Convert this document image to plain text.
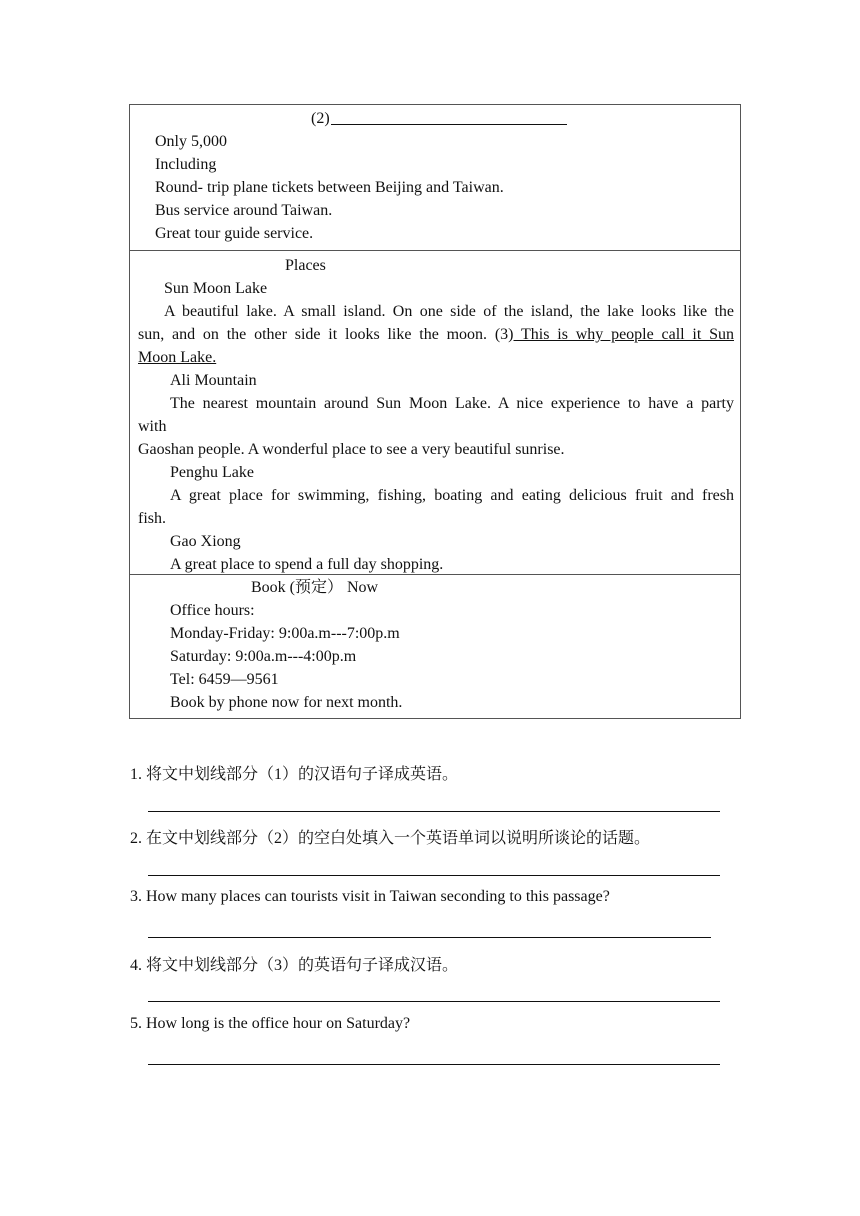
(2)
Only 5,000
Including
Round- trip plane tickets between Beijing and Taiwan.
Bus service around Taiwan.
Great tour guide service.
Places
Sun Moon Lake
A beautiful lake. A small island. On one side of the island, the lake looks like the
sun, and on the other side it looks like the moon. (3) This is why people call it Sun
Moon Lake.
Ali Mountain
The nearest mountain around Sun Moon Lake. A nice experience to have a party
with
Gaoshan people. A wonderful place to see a very beautiful sunrise.
Penghu Lake
A great place for swimming, fishing, boating and eating delicious fruit and fresh
fish.
Gao Xiong
A great place to spend a full day shopping.
Book (预定） Now
Office hours:
Monday-Friday: 9:00a.m---7:00p.m
Saturday: 9:00a.m---4:00p.m
Tel: 6459—9561
Book by phone now for next month.
1. 将文中划线部分（1）的汉语句子译成英语。
2. 在文中划线部分（2）的空白处填入一个英语单词以说明所谈论的话题。
3. How many places can tourists visit in Taiwan seconding to this passage?
4. 将文中划线部分（3）的英语句子译成汉语。
5. How long is the office hour on Saturday?
